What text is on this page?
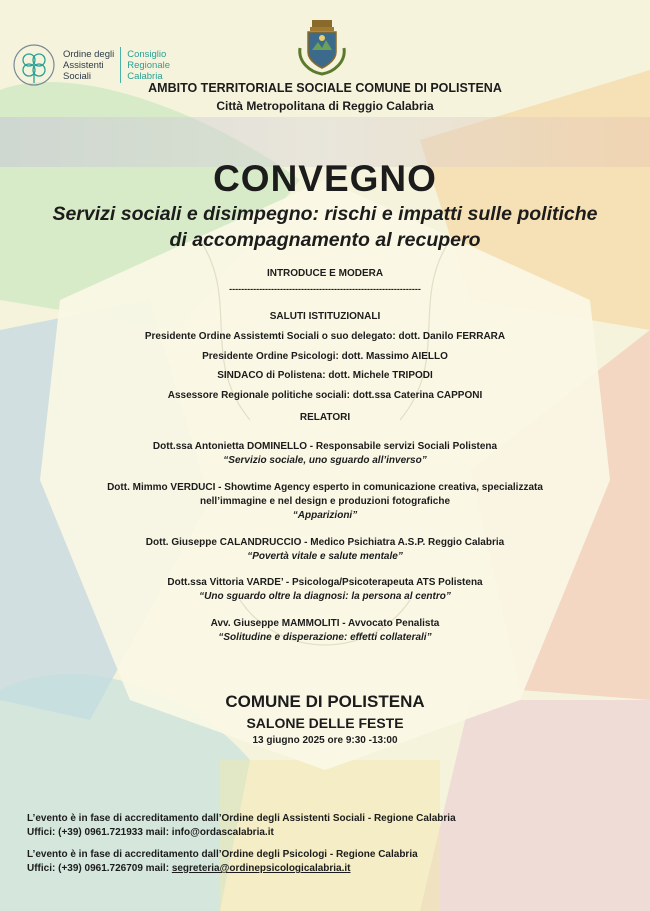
Ordine degli
Assistenti
Sociali
Consiglio
Regionale
Calabria
AMBITO TERRITORIALE SOCIALE COMUNE DI POLISTENA
Città Metropolitana di Reggio Calabria
CONVEGNO
Servizi sociali e disimpegno: rischi e impatti sulle politiche
di accompagnamento al recupero
INTRODUCE E MODERA
----------------------------------------------------------------
SALUTI ISTITUZIONALI
Presidente Ordine Assistemti Sociali o suo delegato: dott. Danilo FERRARA
Presidente Ordine Psicologi: dott. Massimo AIELLO
SINDACO di Polistena: dott. Michele TRIPODI
Assessore Regionale politiche sociali: dott.ssa Caterina CAPPONI
RELATORI
Dott.ssa Antonietta DOMINELLO - Responsabile servizi Sociali Polistena
“Servizio sociale, uno sguardo all’inverso”
Dott. Mimmo VERDUCI - Showtime Agency esperto in comunicazione creativa, specializzata
nell’immagine e nel design e produzioni fotografiche
“Apparizioni”
Dott. Giuseppe CALANDRUCCIO - Medico Psichiatra A.S.P. Reggio Calabria
“Povertà vitale e salute mentale”
Dott.ssa Vittoria VARDE’ - Psicologa/Psicoterapeuta ATS Polistena
“Uno sguardo oltre la diagnosi: la persona al centro”
Avv. Giuseppe MAMMOLITI - Avvocato Penalista
“Solitudine e disperazione: effetti collaterali”
COMUNE DI POLISTENA
SALONE DELLE FESTE
13 giugno 2025 ore 9:30 -13:00
L’evento è in fase di accreditamento dall’Ordine degli Assistenti Sociali - Regione Calabria
Uffici: (+39) 0961.721933 mail: info@ordascalabria.it
L’evento è in fase di accreditamento dall’Ordine degli Psicologi - Regione Calabria
Uffici: (+39) 0961.726709 mail: segreteria@ordinepsicologicalabria.it
